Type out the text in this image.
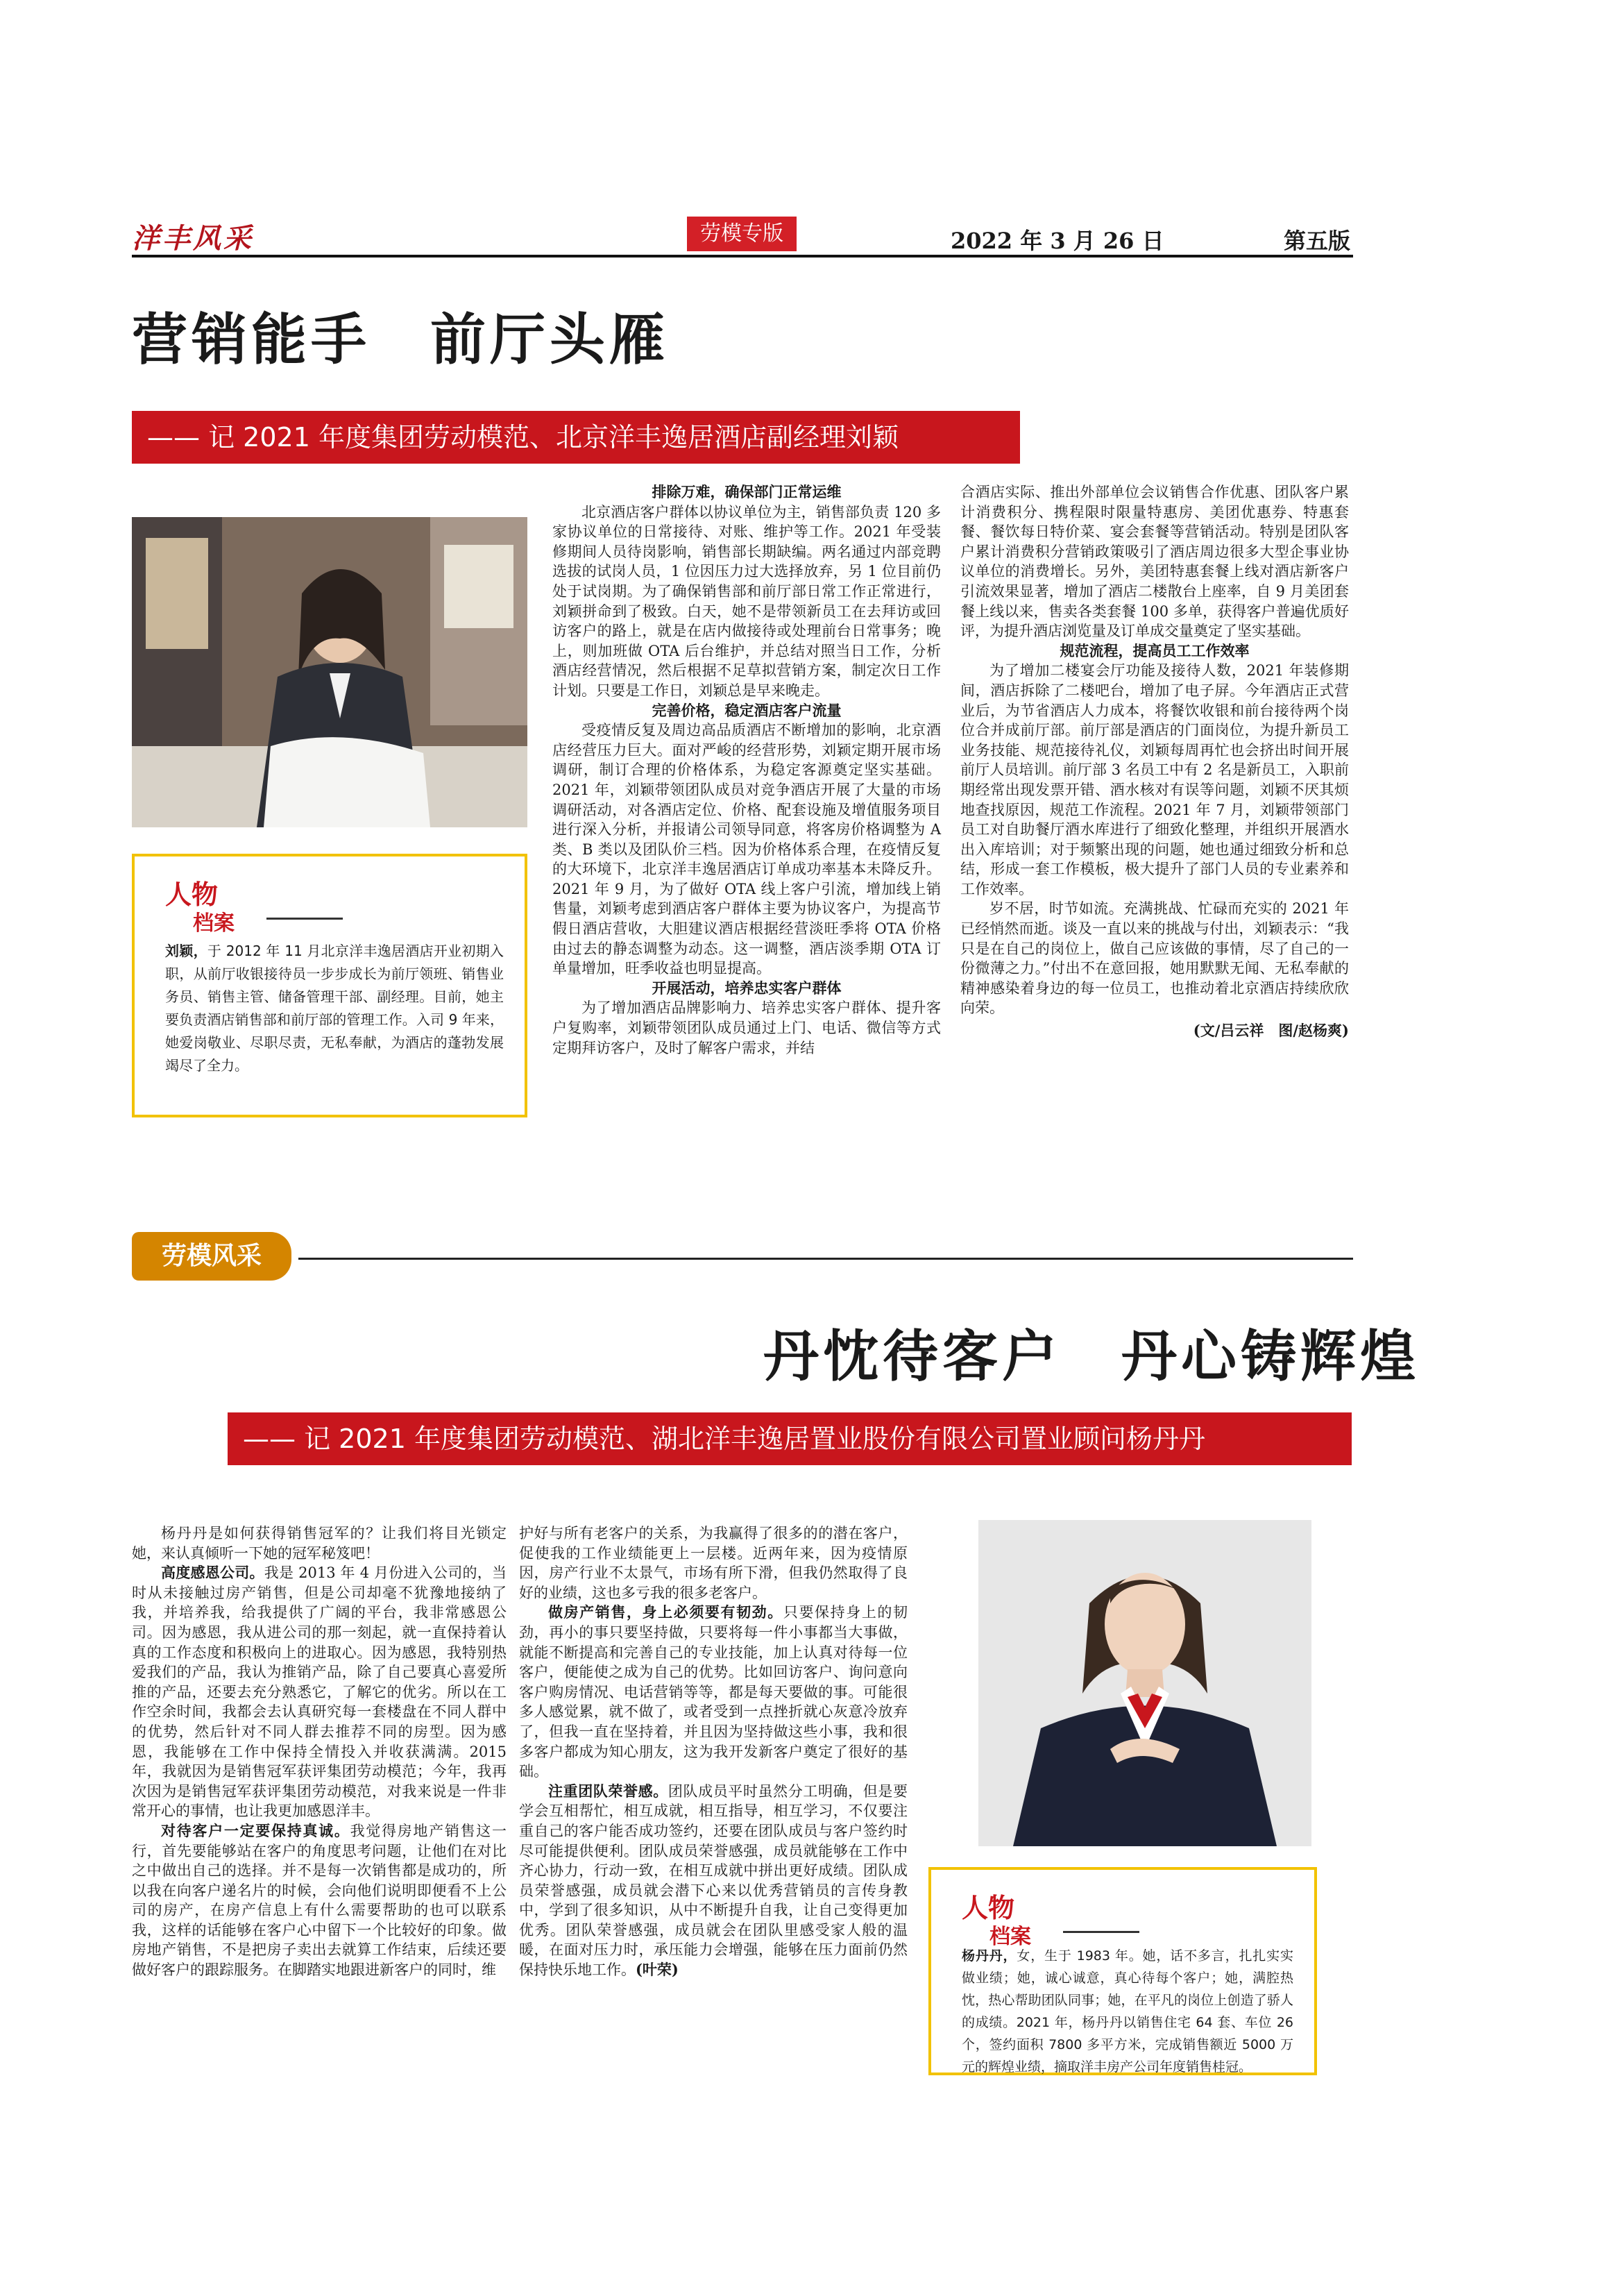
洋丰风采	劳模专版	2022 年 3 月 26 日	第五版
营销能手　前厅头雁
—— 记 2021 年度集团劳动模范、北京洋丰逸居酒店副经理刘颖
人物
档案
刘颖，于 2012 年 11 月北京洋丰逸居酒店开业初期入职，从前厅收银接待员一步步成长为前厅领班、销售业务员、销售主管、储备管理干部、副经理。目前，她主要负责酒店销售部和前厅部的管理工作。入司 9 年来，她爱岗敬业、尽职尽责，无私奉献，为酒店的蓬勃发展竭尽了全力。
排除万难，确保部门正常运维

北京酒店客户群体以协议单位为主，销售部负责 120 多家协议单位的日常接待、对账、维护等工作。2021 年受装修期间人员待岗影响，销售部长期缺编。两名通过内部竞聘选拔的试岗人员，1 位因压力过大选择放弃，另 1 位目前仍处于试岗期。为了确保销售部和前厅部日常工作正常进行，刘颖拼命到了极致。白天，她不是带领新员工在去拜访或回访客户的路上，就是在店内做接待或处理前台日常事务；晚上，则加班做 OTA 后台维护，并总结对照当日工作，分析酒店经营情况，然后根据不足草拟营销方案，制定次日工作计划。只要是工作日，刘颖总是早来晚走。

完善价格，稳定酒店客户流量

受疫情反复及周边高品质酒店不断增加的影响，北京酒店经营压力巨大。面对严峻的经营形势，刘颖定期开展市场调研，制订合理的价格体系，为稳定客源奠定坚实基础。2021 年，刘颖带领团队成员对竞争酒店开展了大量的市场调研活动，对各酒店定位、价格、配套设施及增值服务项目进行深入分析，并报请公司领导同意，将客房价格调整为 A 类、B 类以及团队价三档。因为价格体系合理，在疫情反复的大环境下，北京洋丰逸居酒店订单成功率基本未降反升。2021 年 9 月，为了做好 OTA 线上客户引流，增加线上销售量，刘颖考虑到酒店客户群体主要为协议客户，为提高节假日酒店营收，大胆建议酒店根据经营淡旺季将 OTA 价格由过去的静态调整为动态。这一调整，酒店淡季期 OTA 订单量增加，旺季收益也明显提高。

开展活动，培养忠实客户群体

为了增加酒店品牌影响力、培养忠实客户群体、提升客户复购率，刘颖带领团队成员通过上门、电话、微信等方式定期拜访客户，及时了解客户需求，并结

合酒店实际、推出外部单位会议销售合作优惠、团队客户累计消费积分、携程限时限量特惠房、美团优惠券、特惠套餐、餐饮每日特价菜、宴会套餐等营销活动。特别是团队客户累计消费积分营销政策吸引了酒店周边很多大型企事业协议单位的消费增长。另外，美团特惠套餐上线对酒店新客户引流效果显著，增加了酒店二楼散台上座率，自 9 月美团套餐上线以来，售卖各类套餐 100 多单，获得客户普遍优质好评，为提升酒店浏览量及订单成交量奠定了坚实基础。

规范流程，提高员工工作效率

为了增加二楼宴会厅功能及接待人数，2021 年装修期间，酒店拆除了二楼吧台，增加了电子屏。今年酒店正式营业后，为节省酒店人力成本，将餐饮收银和前台接待两个岗位合并成前厅部。前厅部是酒店的门面岗位，为提升新员工业务技能、规范接待礼仪，刘颖每周再忙也会挤出时间开展前厅人员培训。前厅部 3 名员工中有 2 名是新员工，入职前期经常出现发票开错、酒水核对有误等问题，刘颖不厌其烦地查找原因，规范工作流程。2021 年 7 月，刘颖带领部门员工对自助餐厅酒水库进行了细致化整理，并组织开展酒水出入库培训；对于频繁出现的问题，她也通过细致分析和总结，形成一套工作模板，极大提升了部门人员的专业素养和工作效率。

岁不居，时节如流。充满挑战、忙碌而充实的 2021 年已经悄然而逝。谈及一直以来的挑战与付出，刘颖表示：“我只是在自己的岗位上，做自己应该做的事情，尽了自己的一份微薄之力。”付出不在意回报，她用默默无闻、无私奉献的精神感染着身边的每一位员工，也推动着北京酒店持续欣欣向荣。

(文/吕云祥　图/赵杨爽)

劳模风采
丹忱待客户　丹心铸辉煌
—— 记 2021 年度集团劳动模范、湖北洋丰逸居置业股份有限公司置业顾问杨丹丹

杨丹丹是如何获得销售冠军的？让我们将目光锁定她，来认真倾听一下她的冠军秘笈吧！

高度感恩公司。我是 2013 年 4 月份进入公司的，当时从未接触过房产销售，但是公司却毫不犹豫地接纳了我，并培养我，给我提供了广阔的平台，我非常感恩公司。因为感恩，我从进公司的那一刻起，就一直保持着认真的工作态度和积极向上的进取心。因为感恩，我特别热爱我们的产品，我认为推销产品，除了自己要真心喜爱所推的产品，还要去充分熟悉它，了解它的优劣。所以在工作空余时间，我都会去认真研究每一套楼盘在不同人群中的优势，然后针对不同人群去推荐不同的房型。因为感恩，我能够在工作中保持全情投入并收获满满。2015 年，我就因为是销售冠军获评集团劳动模范；今年，我再次因为是销售冠军获评集团劳动模范，对我来说是一件非常开心的事情，也让我更加感恩洋丰。

对待客户一定要保持真诚。我觉得房地产销售这一行，首先要能够站在客户的角度思考问题，让他们在对比之中做出自己的选择。并不是每一次销售都是成功的，所以我在向客户递名片的时候，会向他们说明即便看不上公司的房产，在房产信息上有什么需要帮助的也可以联系我，这样的话能够在客户心中留下一个比较好的印象。做房地产销售，不是把房子卖出去就算工作结束，后续还要做好客户的跟踪服务。在脚踏实地跟进新客户的同时，维

护好与所有老客户的关系，为我赢得了很多的的潜在客户，促使我的工作业绩能更上一层楼。近两年来，因为疫情原因，房产行业不太景气，市场有所下滑，但我仍然取得了良好的业绩，这也多亏我的很多老客户。

做房产销售，身上必须要有韧劲。只要保持身上的韧劲，再小的事只要坚持做，只要将每一件小事都当大事做，就能不断提高和完善自己的专业技能，加上认真对待每一位客户，便能使之成为自己的优势。比如回访客户、询问意向客户购房情况、电话营销等等，都是每天要做的事。可能很多人感觉累，就不做了，或者受到一点挫折就心灰意冷放弃了，但我一直在坚持着，并且因为坚持做这些小事，我和很多客户都成为知心朋友，这为我开发新客户奠定了很好的基础。

注重团队荣誉感。团队成员平时虽然分工明确，但是要学会互相帮忙，相互成就，相互指导，相互学习，不仅要注重自己的客户能否成功签约，还要在团队成员与客户签约时尽可能提供便利。团队成员荣誉感强，成员就能够在工作中齐心协力，行动一致，在相互成就中拼出更好成绩。团队成员荣誉感强，成员就会潜下心来以优秀营销员的言传身教中，学到了很多知识，从中不断提升自我，让自己变得更加优秀。团队荣誉感强，成员就会在团队里感受家人般的温暖，在面对压力时，承压能力会增强，能够在压力面前仍然保持快乐地工作。(叶荣)

人物
档案
杨丹丹，女，生于 1983 年。她，话不多言，扎扎实实做业绩；她，诚心诚意，真心待每个客户；她，满腔热忱，热心帮助团队同事；她，在平凡的岗位上创造了骄人的成绩。2021 年，杨丹丹以销售住宅 64 套、车位 26 个，签约面积 7800 多平方米，完成销售额近 5000 万元的辉煌业绩，摘取洋丰房产公司年度销售桂冠。
